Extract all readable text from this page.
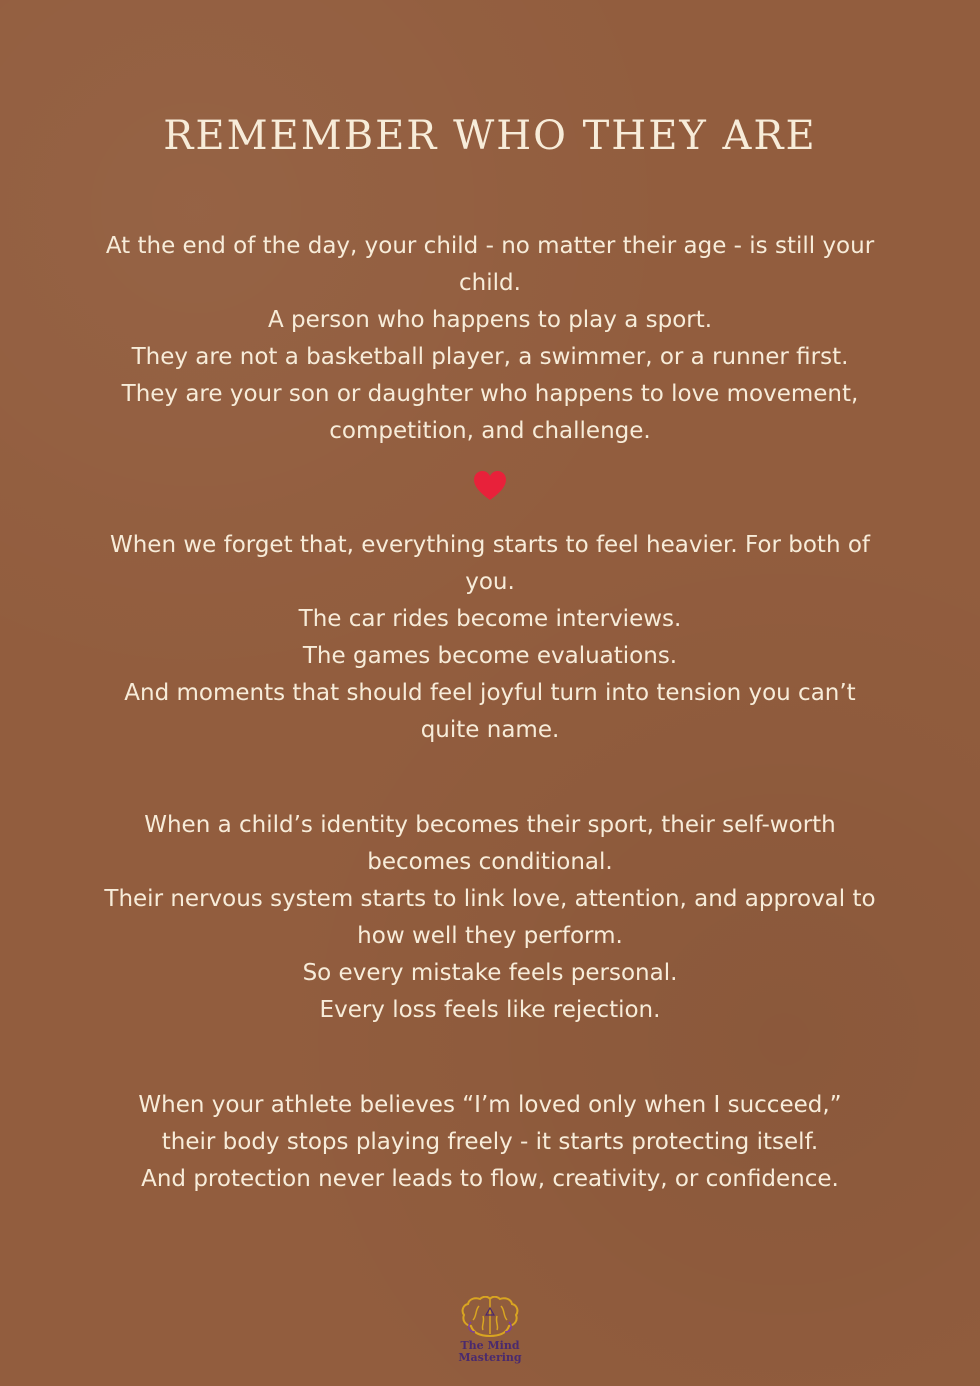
REMEMBER WHO THEY ARE
At the end of the day, your child - no matter their age - is still your
child.
A person who happens to play a sport.
They are not a basketball player, a swimmer, or a runner first.
They are your son or daughter who happens to love movement,
competition, and challenge.
When we forget that, everything starts to feel heavier. For both of
you.
The car rides become interviews.
The games become evaluations.
And moments that should feel joyful turn into tension you can’t
quite name.
When a child’s identity becomes their sport, their self-worth
becomes conditional.
Their nervous system starts to link love, attention, and approval to
how well they perform.
So every mistake feels personal.
Every loss feels like rejection.
When your athlete believes “I’m loved only when I succeed,”
their body stops playing freely - it starts protecting itself.
And protection never leads to flow, creativity, or confidence.
The Mind
Mastering
